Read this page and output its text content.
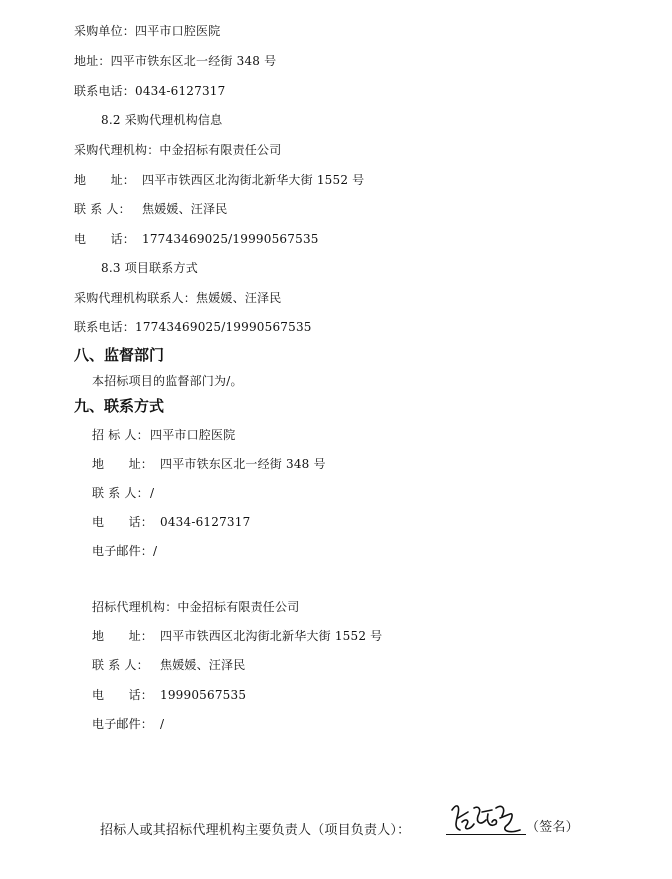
采购单位：四平市口腔医院
地址：四平市铁东区北一经街 348 号
联系电话：0434-6127317
8.2 采购代理机构信息
采购代理机构：中金招标有限责任公司
地　　址： 四平市铁西区北沟街北新华大街 1552 号
联 系 人： 焦媛媛、汪泽民
电　　话： 17743469025/19990567535
8.3 项目联系方式
采购代理机构联系人：焦媛媛、汪泽民
联系电话：17743469025/19990567535
八、监督部门
本招标项目的监督部门为/。
九、联系方式
招 标 人：四平市口腔医院
地　　址： 四平市铁东区北一经街 348 号
联 系 人：/
电　　话： 0434-6127317
电子邮件：/
招标代理机构：中金招标有限责任公司
地　　址： 四平市铁西区北沟街北新华大街 1552 号
联 系 人： 焦媛媛、汪泽民
电　　话： 19990567535
电子邮件： /
招标人或其招标代理机构主要负责人（项目负责人）：	（签名）
